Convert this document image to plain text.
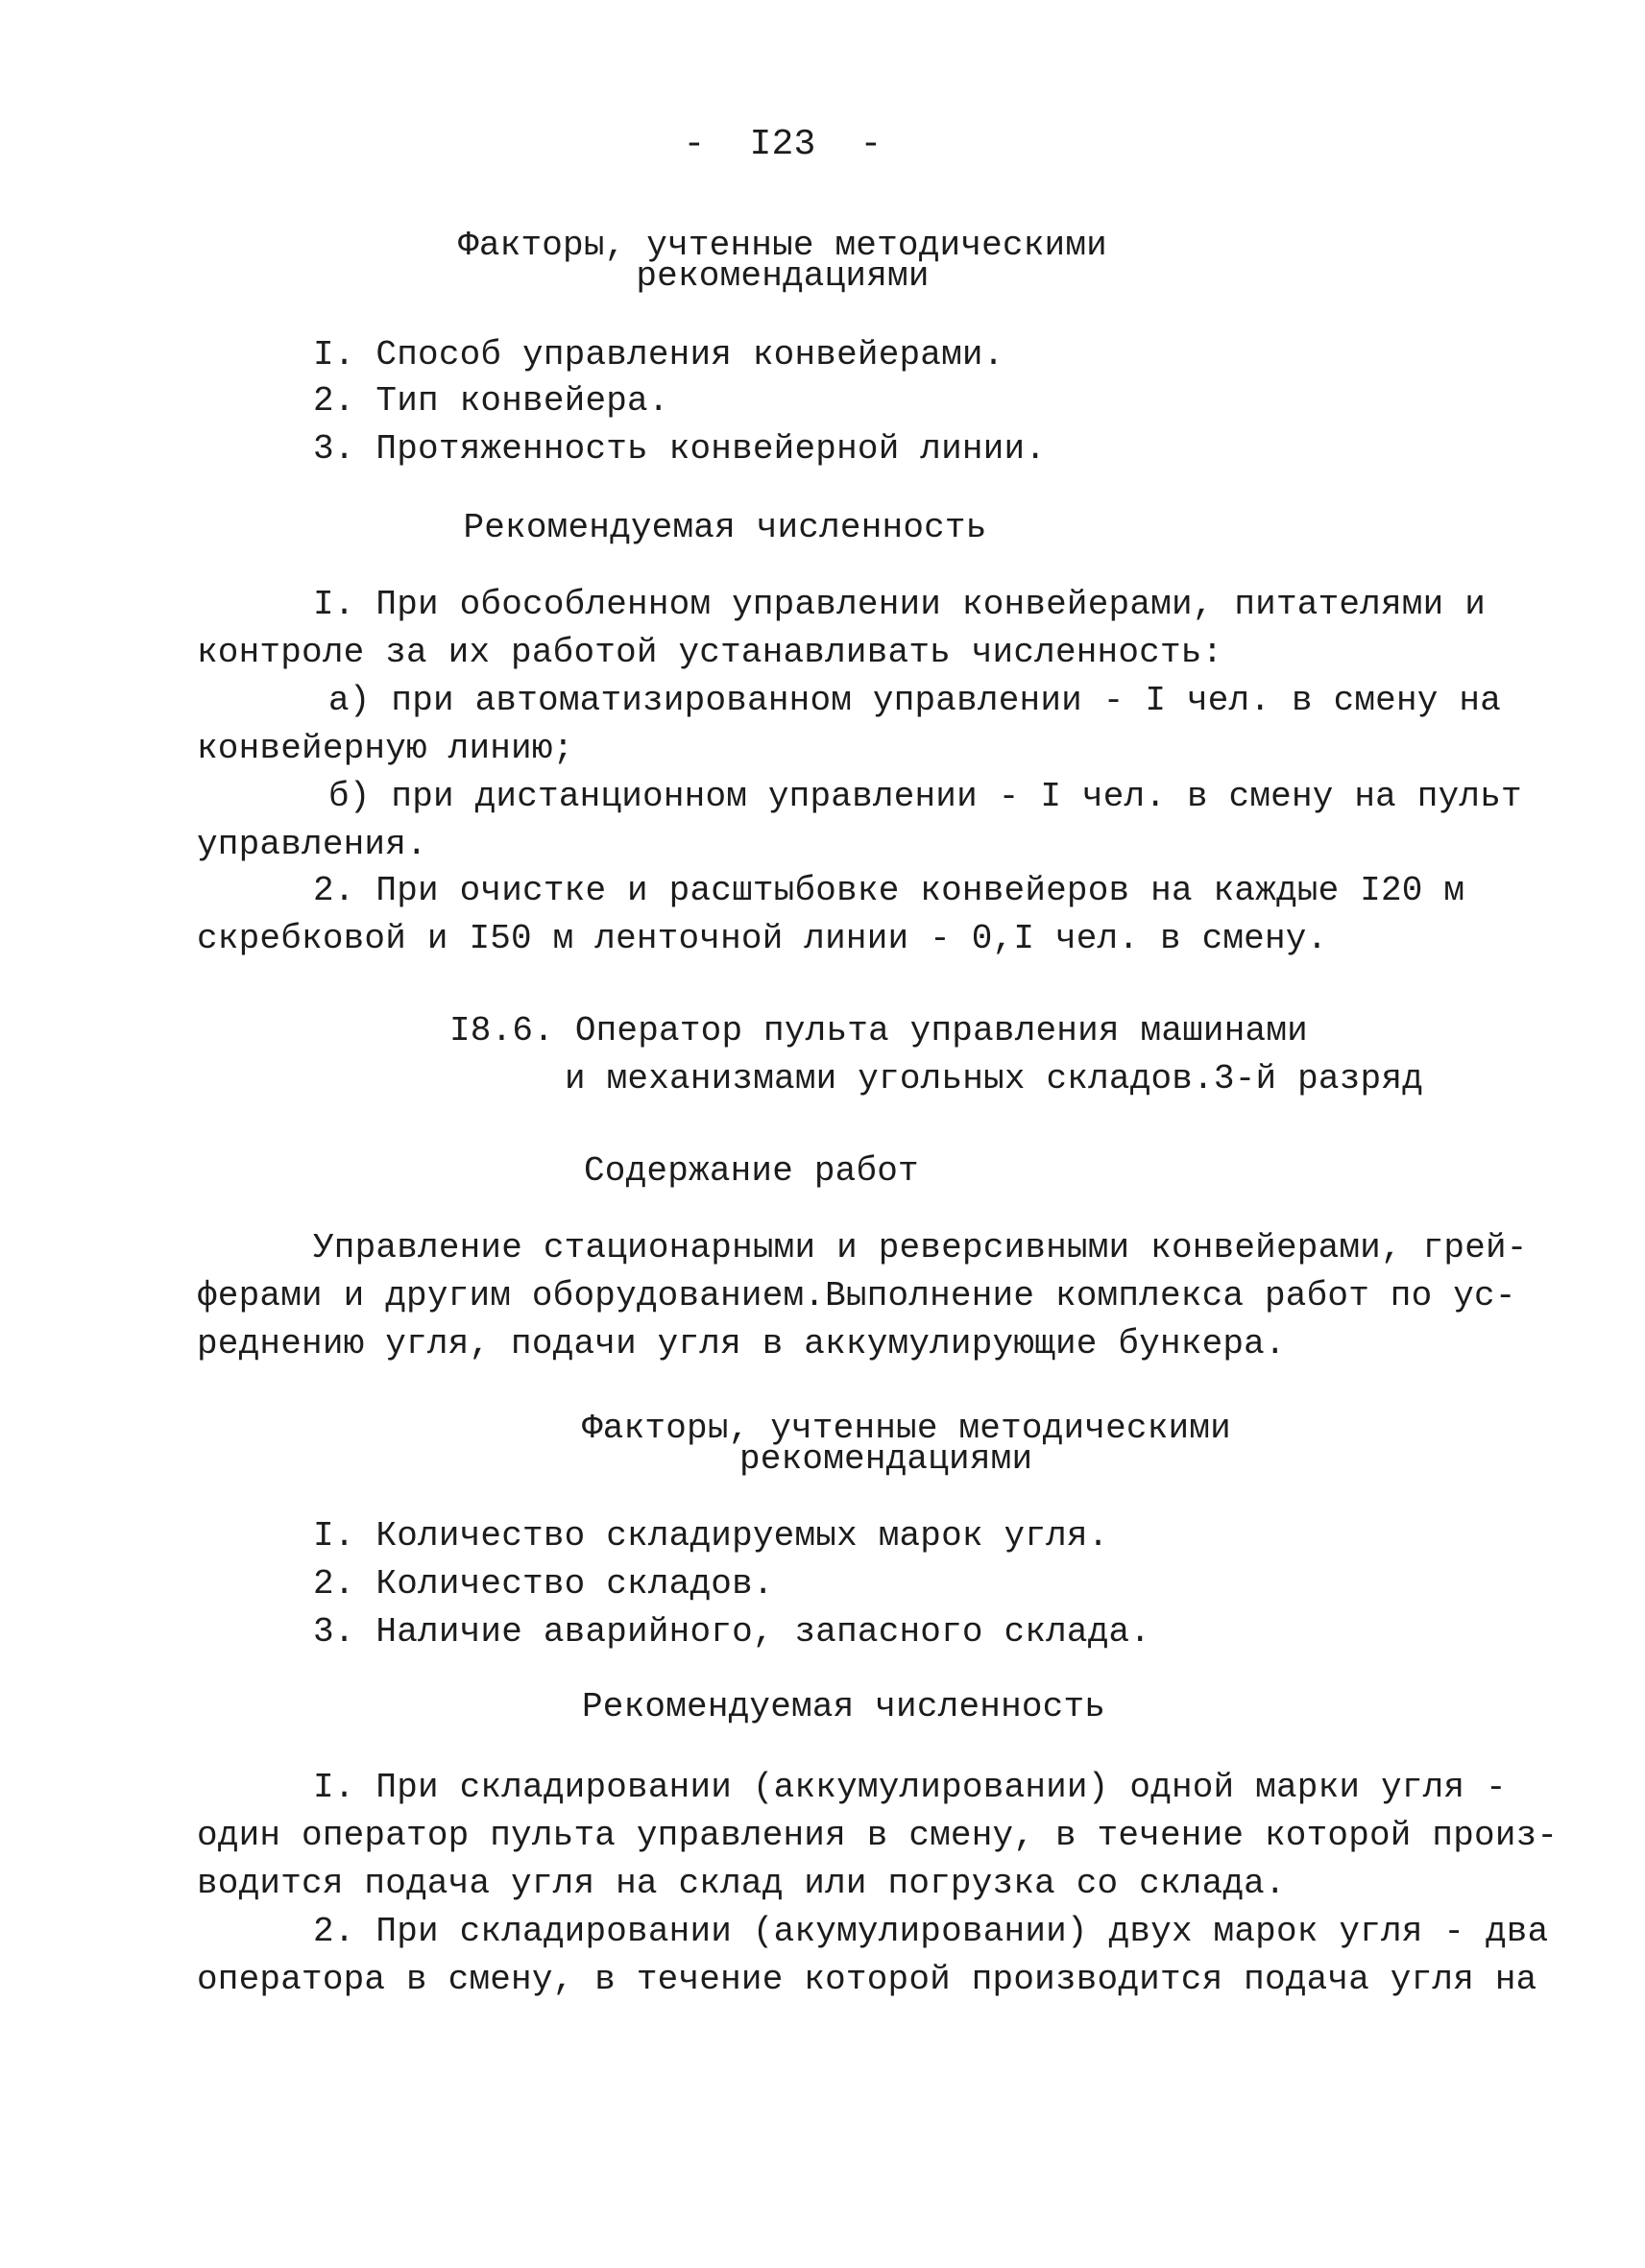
-  I23  -
Факторы, учтенные методическими
рекомендациями
I. Способ управления конвейерами.
2. Тип конвейера.
3. Протяженность конвейерной линии.
Рекомендуемая численность
I. При обособленном управлении конвейерами, питателями и
контроле за их работой устанавливать численность:
а) при автоматизированном управлении - I чел. в смену на
конвейерную линию;
б) при дистанционном управлении - I чел. в смену на пульт
управления.
2. При очистке и расштыбовке конвейеров на каждые I20 м
скребковой и I50 м ленточной линии - 0,I чел. в смену.
I8.6. Оператор пульта управления машинами
и механизмами угольных складов.3-й разряд
Содержание работ
Управление стационарными и реверсивными конвейерами, грей-
ферами и другим оборудованием.Выполнение комплекса работ по ус-
реднению угля, подачи угля в аккумулирующие бункера.
Факторы, учтенные методическими
рекомендациями
I. Количество складируемых марок угля.
2. Количество складов.
3. Наличие аварийного, запасного склада.
Рекомендуемая численность
I. При складировании (аккумулировании) одной марки угля -
один оператор пульта управления в смену, в течение которой произ-
водится подача угля на склад или погрузка со склада.
2. При складировании (акумулировании) двух марок угля - два
оператора в смену, в течение которой производится подача угля на
